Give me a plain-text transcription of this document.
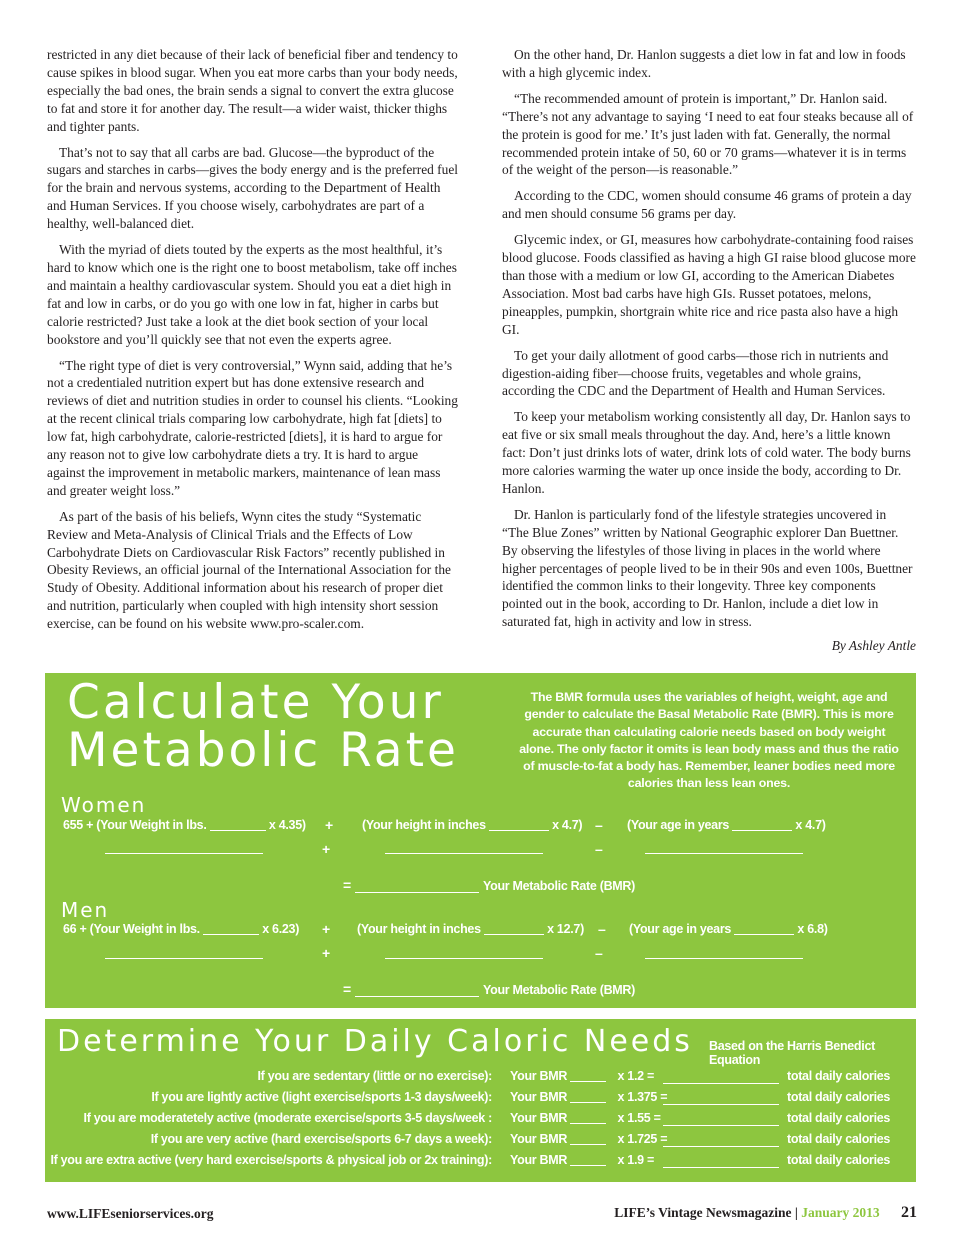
restricted in any diet because of their lack of beneficial fiber and tendency to cause spikes in blood sugar. When you eat more carbs than your body needs, especially the bad ones, the brain sends a signal to convert the extra glucose to fat and store it for another day. The result—a wider waist, thicker thighs and tighter pants.

That’s not to say that all carbs are bad. Glucose—the byproduct of the sugars and starches in carbs—gives the body energy and is the preferred fuel for the brain and nervous systems, according to the Department of Health and Human Services. If you choose wisely, carbohydrates are part of a healthy, well-balanced diet.

With the myriad of diets touted by the experts as the most healthful, it’s hard to know which one is the right one to boost metabolism, take off inches and maintain a healthy cardiovascular system. Should you eat a diet high in fat and low in carbs, or do you go with one low in fat, higher in carbs but calorie restricted? Just take a look at the diet book section of your local bookstore and you’ll quickly see that not even the experts agree.

“The right type of diet is very controversial,” Wynn said, adding that he’s not a credentialed nutrition expert but has done extensive research and reviews of diet and nutrition studies in order to counsel his clients. “Looking at the recent clinical trials comparing low carbohydrate, high fat [diets] to low fat, high carbohydrate, calorie-restricted [diets], it is hard to argue for any reason not to give low carbohydrate diets a try. It is hard to argue against the improvement in metabolic markers, maintenance of lean mass and greater weight loss.”

As part of the basis of his beliefs, Wynn cites the study “Systematic Review and Meta-Analysis of Clinical Trials and the Effects of Low Carbohydrate Diets on Cardiovascular Risk Factors” recently published in Obesity Reviews, an official journal of the International Association for the Study of Obesity. Additional information about his research of proper diet and nutrition, particularly when coupled with high intensity short session exercise, can be found on his website www.pro-scaler.com.

On the other hand, Dr. Hanlon suggests a diet low in fat and low in foods with a high glycemic index.

“The recommended amount of protein is important,” Dr. Hanlon said. “There’s not any advantage to saying ‘I need to eat four steaks because all of the protein is good for me.’ It’s just laden with fat. Generally, the normal recommended protein intake of 50, 60 or 70 grams—whatever it is in terms of the weight of the person—is reasonable.”

According to the CDC, women should consume 46 grams of protein a day and men should consume 56 grams per day.

Glycemic index, or GI, measures how carbohydrate-containing food raises blood glucose. Foods classified as having a high GI raise blood glucose more than those with a medium or low GI, according to the American Diabetes Association. Most bad carbs have high GIs. Russet potatoes, melons, pineapples, pumpkin, shortgrain white rice and rice pasta also have a high GI.

To get your daily allotment of good carbs—those rich in nutrients and digestion-aiding fiber—choose fruits, vegetables and whole grains, according the CDC and the Department of Health and Human Services.

To keep your metabolism working consistently all day, Dr. Hanlon says to eat five or six small meals throughout the day. And, here’s a little known fact: Don’t just drinks lots of water, drink lots of cold water. The body burns more calories warming the water up once inside the body, according to Dr. Hanlon.

Dr. Hanlon is particularly fond of the lifestyle strategies uncovered in “The Blue Zones” written by National Geographic explorer Dan Buettner. By observing the lifestyles of those living in places in the world where higher percentages of people lived to be in their 90s and even 100s, Buettner identified the common links to their longevity. Three key components pointed out in the book, according to Dr. Hanlon, include a diet low in saturated fat, high in activity and low in stress.

By Ashley Antle
Calculate Your
Metabolic Rate
The BMR formula uses the variables of height, weight, age and gender to calculate the Basal Metabolic Rate (BMR). This is more accurate than calculating calorie needs based on body weight alone. The only factor it omits is lean body mass and thus the ratio of muscle-to-fat a body has. Remember, leaner bodies need more calories than less lean ones.
Women
655 + (Your Weight in lbs.	x 4.35) + (Your height in inches	x 4.7) – (Your age in years	x 4.7)
+	–
=	Your Metabolic Rate (BMR)
Men
66 + (Your Weight in lbs.	x 6.23) + (Your height in inches	x 12.7) – (Your age in years	x 6.8)
+	–
=	Your Metabolic Rate (BMR)
Determine Your Daily Caloric Needs Based on the Harris Benedict Equation
If you are sedentary (little or no exercise): Your BMR	x 1.2 =	total daily calories
If you are lightly active (light exercise/sports 1-3 days/week): Your BMR	x 1.375 =	total daily calories
If you are moderatetely active (moderate exercise/sports 3-5 days/week : Your BMR	x 1.55 =	total daily calories
If you are very active (hard exercise/sports 6-7 days a week): Your BMR	x 1.725 =	total daily calories
If you are extra active (very hard exercise/sports & physical job or 2x training): Your BMR	x 1.9 =	total daily calories
www.LIFEseniorservices.org	LIFE’s Vintage Newsmagazine | January 2013 21
